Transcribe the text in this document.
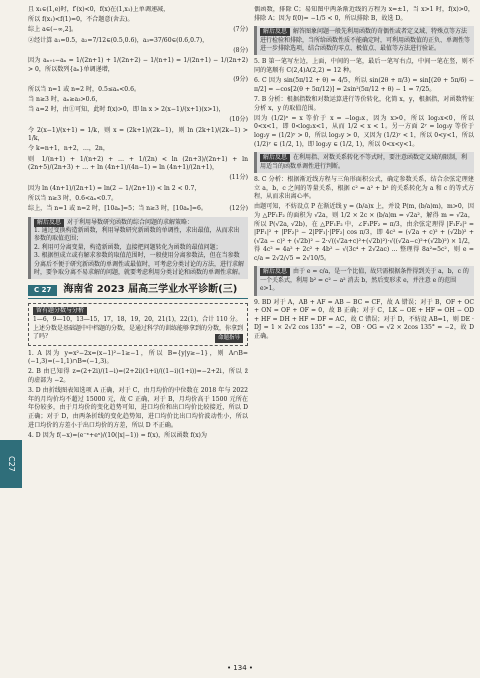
C27

且 x₁∈(1,e)时，f′(x)<0，f(x)在(1,x₁)上单调递减，

所以 f(x₁)<f(1)=0，不合题意(舍去)。

综上 a∈(−∞,2]。	(7分)

②经计算 a₁=0.5，a₂=7/12∈(0.5,0.6)，a₃=37/60∈(0.6,0.7)，

(8分)

因为 aₙ₊₁−aₙ = 1/(2n+1) + 1/(2n+2) − 1/(n+1) = 1/(2n+1) − 1/(2n+2) > 0，所以数列{aₙ}单调递增，

(9分)

所以当 n=1 或 n=2 时，0.5≤aₙ<0.6。

当 n≥3 时，aₙ≥a₃>0.6，

当 a=2 时，由①可知，此时 f(x)>0，即 ln x > 2(x−1)/(x+1)(x>1)，

(10分)

令 2(x−1)/(x+1) = 1/k，则 x = (2k+1)/(2k−1)，则 ln (2k+1)/(2k−1) > 1/k，

令 k=n+1，n+2，…，2n，

则 1/(n+1) + 1/(n+2) + … + 1/(2n) < ln (2n+3)/(2n+1) + ln (2n+5)/(2n+3) + … + ln (4n+1)/(4n−1) = ln (4n+1)/(2n+1)，

(11分)

因为 ln (4n+1)/(2n+1) = ln(2 − 1/(2n+1)) < ln 2 < 0.7，

所以当 n≥3 时，0.6<aₙ<0.7。

综上，当 n=1 或 n=2 时，[10aₙ]=5；当 n≥3 时，[10aₙ]=6。	(12分)

解后反思 对于利用导数研究函数的综合问题的求解策略：
1. 通过变换构造新函数，利用导数研究新函数的单调性，求出最值，从而求出参数的取值范围；
2. 利用可分离变量，构造新函数，直接把问题转化为函数的最值问题；
3. 根据恒成立或有解求参数的取值范围时，一般使用分离参数法，但在当参数分离后不便于研究新函数的单调性或最值时，可考虑分类讨论的方法，进行求解时，要争取分离不易求解的问题，就要考虑利用分类讨论和函数的单调性求解。
C 27	海南省 2023 届高三学业水平诊断(三)
留有题分数与分析
1—6，9—10，13—15，17，18，19，20，21(1)，22(1)，合计 110 分。上述分数是基础题中中档题的分数，是通过科学的训练能够拿到的分数，你拿到了吗？	命题指导

1. A 因为 y=x²−2x=(x−1)²−1≥−1，所以 B={y|y≥−1}，则 A∩B=(−1,3)=(−1,1)∩B=(−1,3)。

2. B 由已知得 z=(2+2i)/(1−i)=(2+2i)(1+i)/((1−i)(1+i))=−2+2i，所以 z̄ 的虚部为 −2。

3. D 由折线图表知选项 A 正确，对于 C，由月均价的中位数在 2018 年与 2022 年的月均价均不超过 15000 元，故 C 正确，对于 B，月均价高于 1500 元所在年份较多，由于月均价的变化趋势可知，进口均价和出口均价比较接近，所以 D 正确；对于 D，由两条折线的变化趋势知，进口均价比出口均价波动性小，所以进口均价的方差小于出口均价的方差，所以 D 不正确。

4. D 因为 f(−x)=(e⁻ˣ+eˣ)/(10(|x|−1)) = f(x)，所以函数 f(x)为

偶函数，排除 C；易知图中两条渐近线的方程为 x=±1，当 x>1 时，f(x)>0，排除 A；因为 f(0)= −1/5 < 0，所以排除 B，故选 D。

解后反思 解答图象问题一般先利用函数的奇偶性或者定义域、特殊点等方法进行检验和排除，当所给函数性质不能确定时，可利用函数值的正负、单调性等进一步排除选项，结合函数的零点、极值点、最值等方法进行验证。

5. B 第一笔写左边，上面，中间的一笔，最后一笔写右点，中间一笔在竖，则不同的笔顺有 C(2,4)A(2,2) = 12 种。

6. C 因为 sin(5π/12 + θ) = 4/5，所以 sin(2θ + π/3) = sin[(2θ + 5π/6) − π/2] = −cos[2(θ + 5π/12)] = 2sin²(5π/12 + θ) − 1 = 7/25。

7. B 分析：根据指数和对数运算进行等价转化，化简 x，y，根据指，对函数特征分析 x，y 的取值范围。

因为 (1/2)ˣ = x 等价于 x = −log₂x，因为 x>0，所以 log₂x<0，所以 0<x<1，即 0<log₂x<1，从而 1/2 < x < 1。另一方面 2ʸ = log₃y 等价于 log₂y = (1/2)ʸ > 0，所以 log₂y > 0，又因为 (1/2)ʸ < 1，所以 0<y<1，所以 (1/2)ʸ ∈ (1/2, 1)，即 log₂y ∈ (1/2, 1)，所以 0<x<y<1。

解后反思 在利用指、对数关系转化不等式时，要注意函数定义域的限制，利用适当的函数单调性进行判断。

8. C 分析：根据渐近线方程与三角形面积公式，确定参数关系，结合余弦定理建立 a，b，c 之间的等量关系，根据 c² = a² + b² 的关系转化为 a 和 c 的等式方程，从而求出离心率。

由题可知，不妨设点 P 在渐近线 y = (b/a)x 上，并设 P(m, (b/a)m)，m>0，因为 △PF₁F₂ 的面积为 √2a，则 1/2 × 2c × (b/a)m = √2a²，解得 m = √2a，所以 P(√2a, √2b)，在 △PF₁F₂ 中，∠F₁PF₂ = π/3，由余弦定理得 |F₁F₂|² = |PF₁|² + |PF₂|² − 2|PF₁|·|PF₂| cos π/3，即 4c² = (√2a + c)² + (√2b)² + (√2a − c)² + (√2b)² − 2·√((√2a+c)²+(√2b)²)·√((√2a−c)²+(√2b)²) × 1/2，得 4c² = 4a² + 2c² + 4b² − √(3c⁴ + 2√2ac) ... 整理得 8a²=5c²，则 e = c/a = 2√2/√5 = 2√10/5。

解后反思 由于 e = c/a，是一个比值，故只需根据条件得到关于 a，b，c 的一个关系式，利用 b² = c² − a² 消去 b，然后变形求 e，并注意 e 的范围 e>1。

9. BD 对于 A，AB + AF = AB − BC = CF，故 A 错误；对于 B，OF + OC + ON = OF + OF = 0，故 B 正确；对于 C，LK − OE + HF = OH − OD + HF = DH + HF = DF = AC，故 C 错误；对于 D，不妨设 AB=1，则 DE · DJ = 1 × 2√2 cos 135° = −2，OB · OG = √2 × 2cos 135° = −2，故 D 正确。

• 134 •
